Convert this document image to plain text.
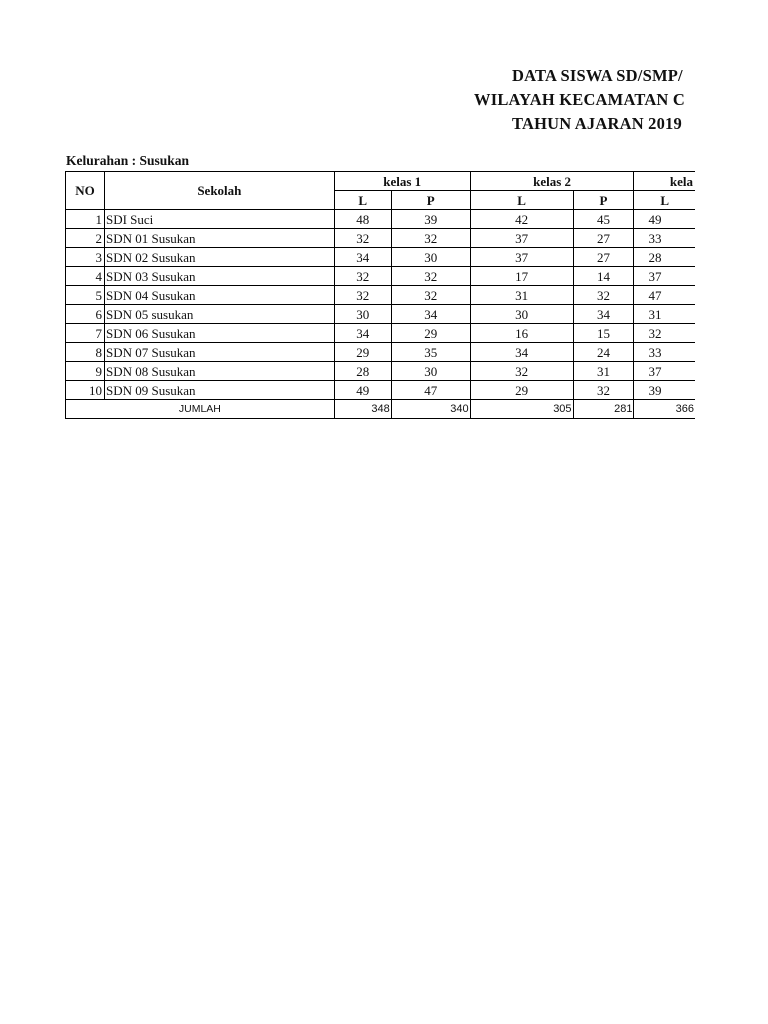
DATA SISWA SD/SMP/
WILAYAH KECAMATAN C
TAHUN AJARAN 2019
Kelurahan : Susukan
NO	Sekolah	kelas 1		kelas 2		kela
		L	P	L	P	L
1	SDI Suci	48	39	42	45	49
2	SDN 01 Susukan	32	32	37	27	33
3	SDN 02 Susukan	34	30	37	27	28
4	SDN 03 Susukan	32	32	17	14	37
5	SDN 04 Susukan	32	32	31	32	47
6	SDN 05 susukan	30	34	30	34	31
7	SDN 06 Susukan	34	29	16	15	32
8	SDN 07 Susukan	29	35	34	24	33
9	SDN 08 Susukan	28	30	32	31	37
10	SDN 09 Susukan	49	47	29	32	39
JUMLAH		348	340	305	281	366
